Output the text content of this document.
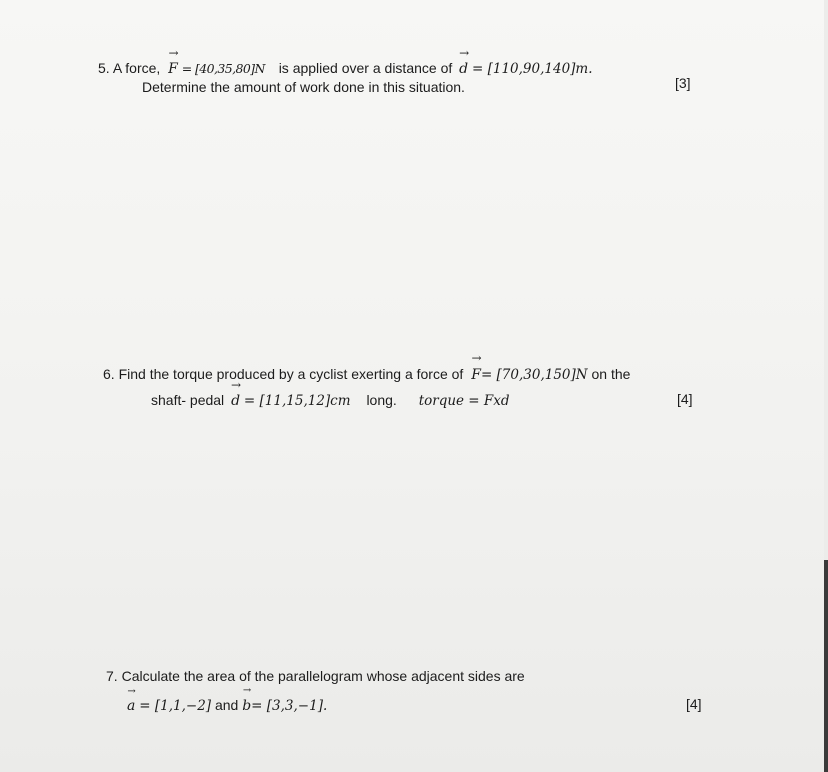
5. A force,
→
F = [40,35,80]N is applied over a distance of
→
d = [110,90,140]m.
Determine the amount of work done in this situation.	[3]
6. Find the torque produced by a cyclist exerting a force of
→
F= [70,30,150]N on the
shaft- pedal
→
d = [11,15,12]cm long. torque = Fxd	[4]
7. Calculate the area of the parallelogram whose adjacent sides are
→
a = [1,1,−2] and
→
b= [3,3,−1].	[4]
